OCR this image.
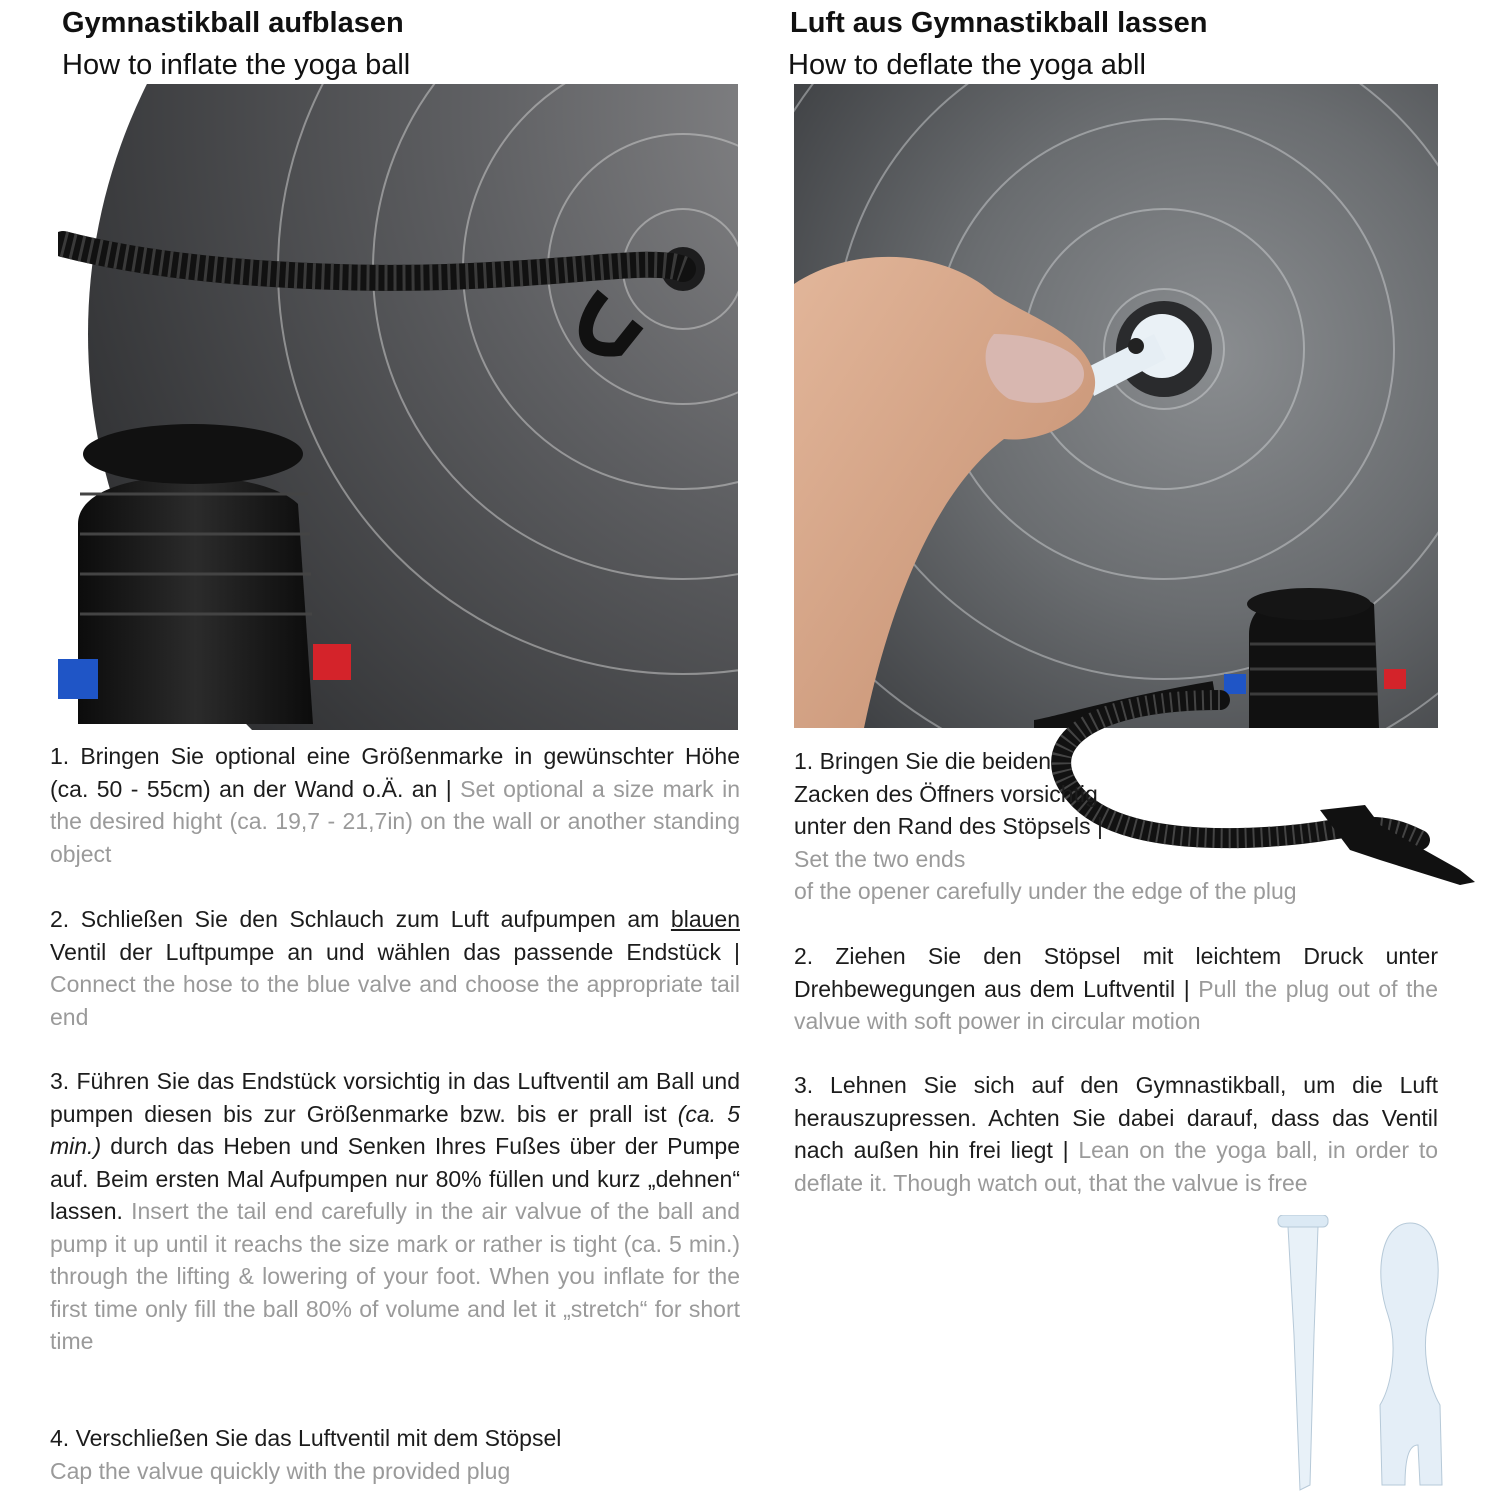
Gymnastikball aufblasen
How to inflate the yoga ball
1. Bringen Sie optional eine Größenmarke in gewünschter Höhe (ca. 50 - 55cm) an der Wand o.Ä. an | Set optional a size mark in the desired hight (ca. 19,7 - 21,7in) on the wall or another standing object
2. Schließen Sie den Schlauch zum Luft aufpumpen am blauen Ventil der Luftpumpe an und wählen das passende Endstück | Connect the hose to the blue valve and choose the appropriate tail end
3. Führen Sie das Endstück vorsichtig in das Luftventil am Ball und pumpen diesen bis zur Größenmarke bzw. bis er prall ist (ca. 5 min.) durch das Heben und Senken Ihres Fußes über der Pumpe auf. Beim ersten Mal Aufpumpen nur 80% füllen und kurz „dehnen“ lassen. Insert the tail end carefully in the air valvue of the ball and pump it up until it reachs the size mark or rather is tight (ca. 5 min.) through the lifting & lowering of your foot. When you inflate for the first time only fill the ball 80% of volume and let it „stretch“ for short time
4. Verschließen Sie das Luftventil mit dem Stöpsel
Cap the valvue quickly with the provided plug
Luft aus Gymnastikball lassen
How to deflate the yoga abll
1. Bringen Sie die beiden Zacken des Öffners vorsichtig unter den Rand des Stöpsels | Set the two ends
of the opener carefully under the edge of the plug
2. Ziehen Sie den Stöpsel mit leichtem Druck unter Drehbewegungen aus dem Luftventil | Pull the plug out of the valvue with soft power in circular motion
3. Lehnen Sie sich auf den Gymnastikball, um die Luft herauszupressen. Achten Sie dabei darauf, dass das Ventil nach außen hin frei liegt | Lean on the yoga ball, in order to deflate it. Though watch out, that the valvue is free
